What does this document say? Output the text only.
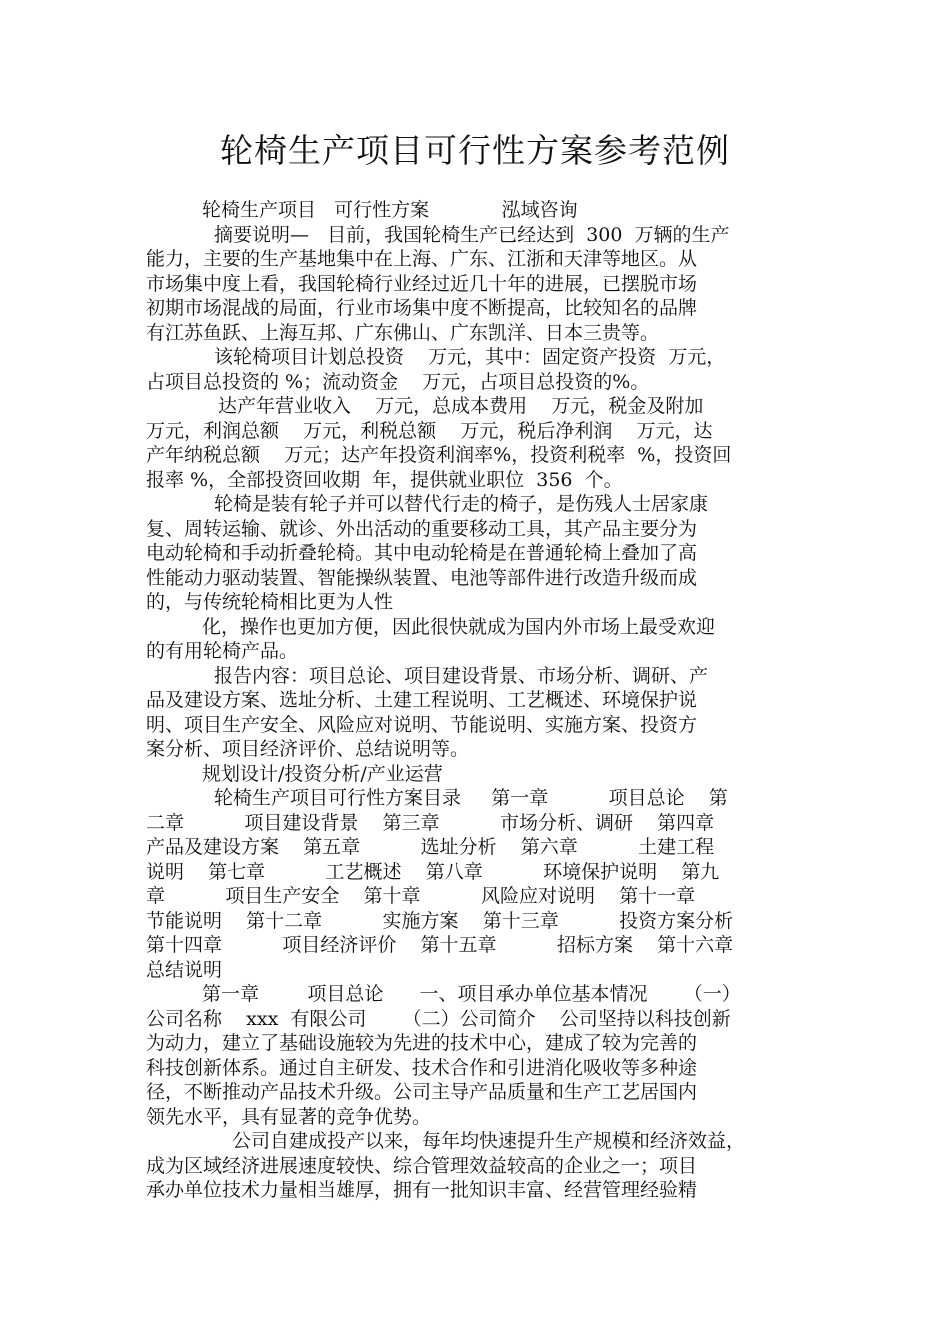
轮椅生产项目可行性方案参考范例
轮椅生产项目   可行性方案            泓域咨询
摘要说明—   目前，我国轮椅生产已经达到  300  万辆的生产
能力，主要的生产基地集中在上海、广东、江浙和天津等地区。从
市场集中度上看，我国轮椅行业经过近几十年的进展，已摆脱市场
初期市场混战的局面，行业市场集中度不断提高，比较知名的品牌
有江苏鱼跃、上海互邦、广东佛山、广东凯洋、日本三贵等。
该轮椅项目计划总投资    万元，其中：固定资产投资  万元，
占项目总投资的 %；流动资金    万元，占项目总投资的%。
达产年营业收入    万元，总成本费用    万元，税金及附加
万元，利润总额    万元，利税总额    万元，税后净利润    万元，达
产年纳税总额    万元；达产年投资利润率%，投资利税率  %，投资回
报率 %，全部投资回收期  年，提供就业职位  356  个。
轮椅是装有轮子并可以替代行走的椅子，是伤残人士居家康
复、周转运输、就诊、外出活动的重要移动工具，其产品主要分为
电动轮椅和手动折叠轮椅。其中电动轮椅是在普通轮椅上叠加了高
性能动力驱动装置、智能操纵装置、电池等部件进行改造升级而成
的，与传统轮椅相比更为人性
化，操作也更加方便，因此很快就成为国内外市场上最受欢迎
的有用轮椅产品。
报告内容：项目总论、项目建设背景、市场分析、调研、产
品及建设方案、选址分析、土建工程说明、工艺概述、环境保护说
明、项目生产安全、风险应对说明、节能说明、实施方案、投资方
案分析、项目经济评价、总结说明等。
规划设计/投资分析/产业运营
轮椅生产项目可行性方案目录     第一章          项目总论    第
二章          项目建设背景    第三章          市场分析、调研    第四章
产品及建设方案    第五章          选址分析    第六章          土建工程
说明    第七章          工艺概述    第八章          环境保护说明    第九
章          项目生产安全    第十章          风险应对说明    第十一章
节能说明    第十二章          实施方案    第十三章          投资方案分析
第十四章          项目经济评价    第十五章          招标方案    第十六章
总结说明
第一章        项目总论      一、项目承办单位基本情况      （一）
公司名称    xxx  有限公司      （二）公司简介    公司坚持以科技创新
为动力，建立了基础设施较为先进的技术中心，建成了较为完善的
科技创新体系。通过自主研发、技术合作和引进消化吸收等多种途
径，不断推动产品技术升级。公司主导产品质量和生产工艺居国内
领先水平，具有显著的竞争优势。
公司自建成投产以来，每年均快速提升生产规模和经济效益，
成为区域经济进展速度较快、综合管理效益较高的企业之一；项目
承办单位技术力量相当雄厚，拥有一批知识丰富、经营管理经验精
